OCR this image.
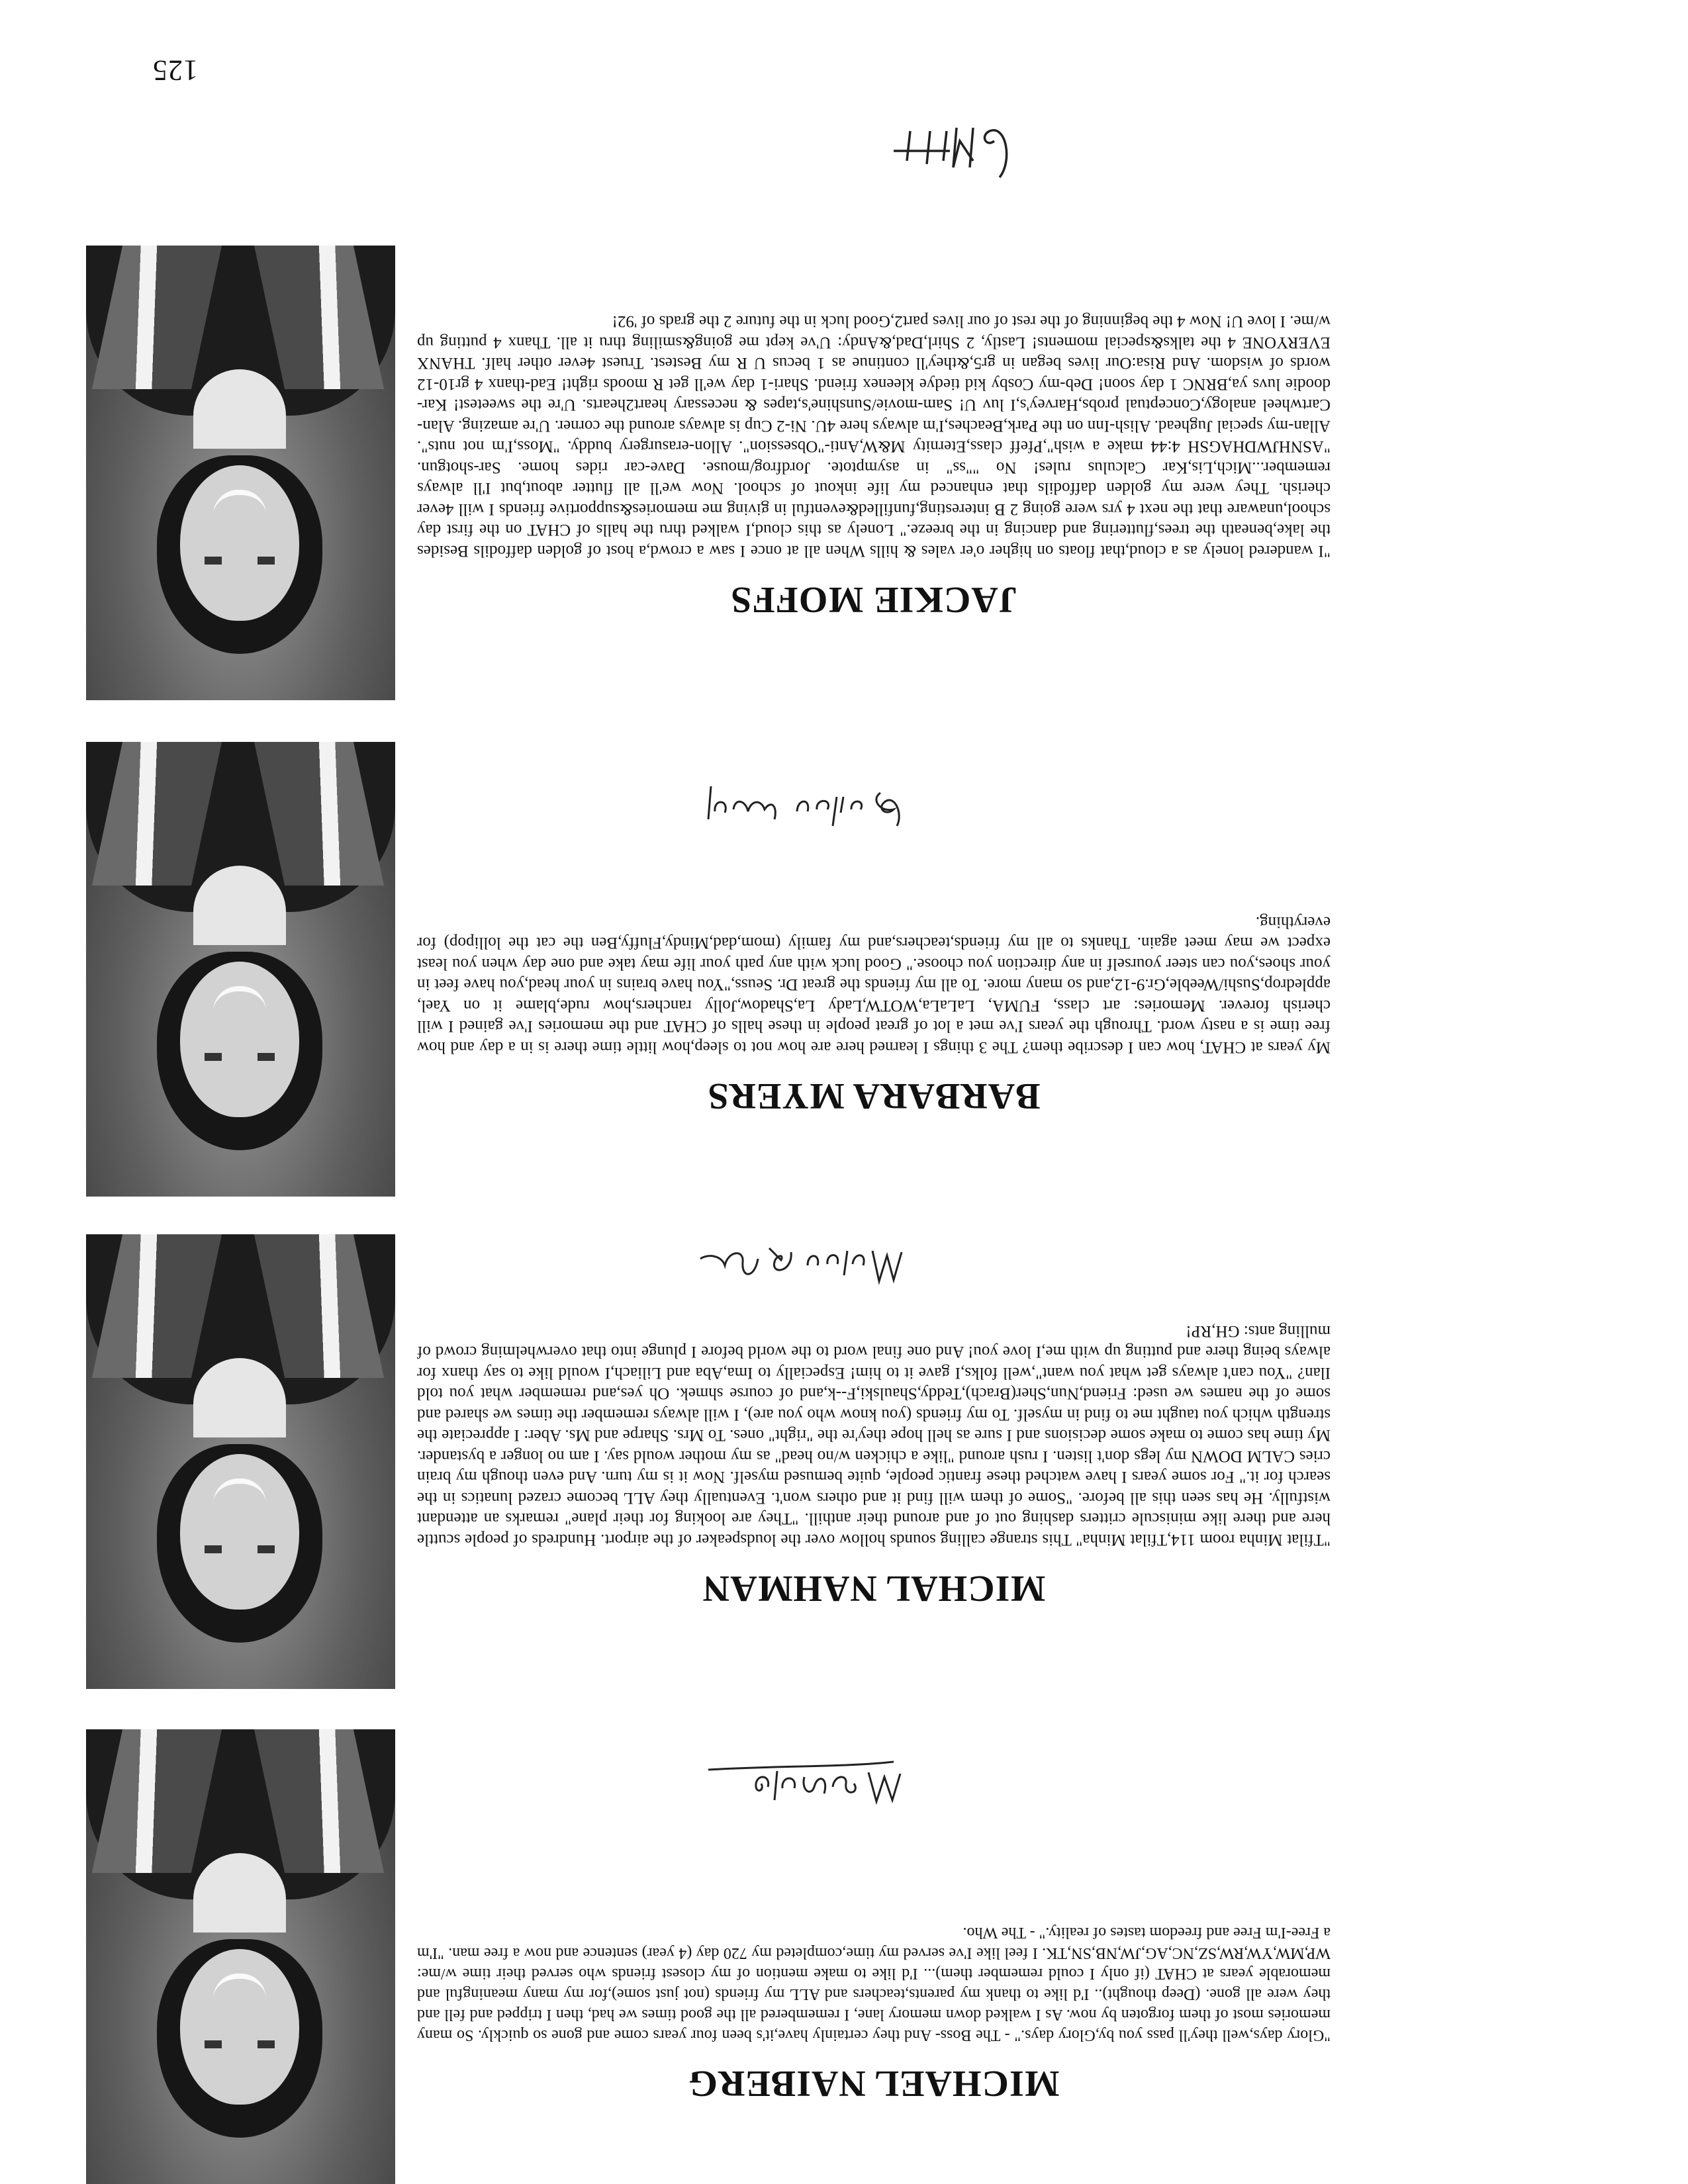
125
MICHAEL NAIBERG

"Glory days,well they'll pass you by,Glory days." - The Boss- And they certainly have,it's been four years come and gone so quickly. So many memories most of them forgoten by now. As I walked down memory lane, I remembered all the good times we had, then I tripped and fell and they were all gone. (Deep thought).. I'd like to thank my parents,teachers and ALL my friends (not just some),for my many meaningful and memorable years at CHAT (if only I could remember them)... I'd like to make mention of my closest friends who served their time w/me: WP,MW,YW,RW,SZ,NC,AG,JW,NB,SN,TK. I feel like I've served my time,completed my 720 day (4 year) sentence and now a free man. "I'm a Free-I'm Free and freedom tastes of reality." - The Who.

MICHAL NAHMAN

"Tfilat Minha room 114,Tfilat Minha" This strange calling sounds hollow over the loudspeaker of the airport. Hundreds of people scuttle here and there like miniscule critters dashing out of and around their anthill. "They are looking for their plane" remarks an attendant wistfully. He has seen this all before. "Some of them will find it and others won't. Eventually they ALL become crazed lunatics in the search for it." For some years I have watched these frantic people, quite bemused myself. Now it is my turn. And even though my brain cries CALM DOWN my legs don't listen. I rush around "like a chicken w/no head" as my mother would say. I am no longer a bystander. My time has come to make some decisions and I sure as hell hope they're the "right" ones. To Mrs. Sharpe and Ms. Aber: I appreciate the strength which you taught me to find in myself. To my friends (you know who you are), I will always remember the times we shared and some of the names we used: Friend,Nun,Sher(Brach),Teddy,Shaulski,F--k,and of course shmek. Oh yes,and remember what you told Ilan? "You can't always get what you want",well folks,I gave it to him! Especially to Ima,Aba and Liliach,I would like to say thanx for always being there and putting up with me,I love you! And one final word to the world before I plunge into that overwhelming crowd of mulling ants: GH,RP!

BARBARA MYERS

My years at CHAT, how can I describe them? The 3 things I learned here are how not to sleep,how little time there is in a day and how free time is a nasty word. Through the years I've met a lot of great people in these halls of CHAT and the memories I've gained I will cherish forever. Memories: art class, FUMA, LaLaLa,WOTW,Lady La,Shadow,Jolly ranchers,how rude,blame it on Yael, appledrop,Sushi/Weeble,Gr.9-12,and so many more. To all my friends the great Dr. Seuss,"You have brains in your head,you have feet in your shoes,you can steer yourself in any direction you choose." Good luck with any path your life may take and one day when you least expect we may meet again. Thanks to all my friends,teachers,and my family (mom,dad,Mindy,Fluffy,Ben the cat the lollipop) for everything.

JACKIE MOFFS

"I wandered lonely as a cloud,that floats on higher o'er vales & hills When all at once I saw a crowd,a host of golden daffodils Besides the lake,beneath the trees,fluttering and dancing in the breeze." Lonely as this cloud,I walked thru the halls of CHAT on the first day school,unaware that the next 4 yrs were going 2 B interesting,funfilled&eventful in giving me memories&supportive friends I will 4ever cherish. They were my golden daffodils that enhanced my life inkout of school. Now we'll all flutter about,but I'll always remember...Mich,Lis,Kar Calculus rules! No ""ss" in asymptote. Jordfrog/mouse. Dave-car rides home. Sar-shotgun. "ASNHJWDHAGSH 4:44 make a wish",Pfeff class,Eternity M&W,Anti-"Obsession". Allon-erasurgery buddy. "Moss,I'm not nuts". Allan-my special Jughead. Alish-Inn on the Park,Beaches,I'm always here 4U. Ni-2 Cup is always around the corner. U're amazing. Alan-Cartwheel analogy,Conceptual probs,Harvey's,I luv U! Sam-movie/Sunshine's,tapes & necessary heart2hearts. U're the sweetest! Kar-doodie luvs ya,BRNC 1 day soon! Deb-my Cosby kid tiedye kleenex friend. Shari-1 day we'll get R moods right! Ead-thanx 4 gr10-12 words of wisdom. And Risa:Our lives began in gr5,&they'll continue as 1 becus U R my Bestest. Truest 4ever other half. THANX EVERYONE 4 the talks&special moments! Lastly, 2 Shirl,Dad,&Andy: U've kept me going&smiling thru it all. Thanx 4 putting up w/me. I love U! Now 4 the beginning of the rest of our lives part2,Good luck in the future 2 the grads of '92!
